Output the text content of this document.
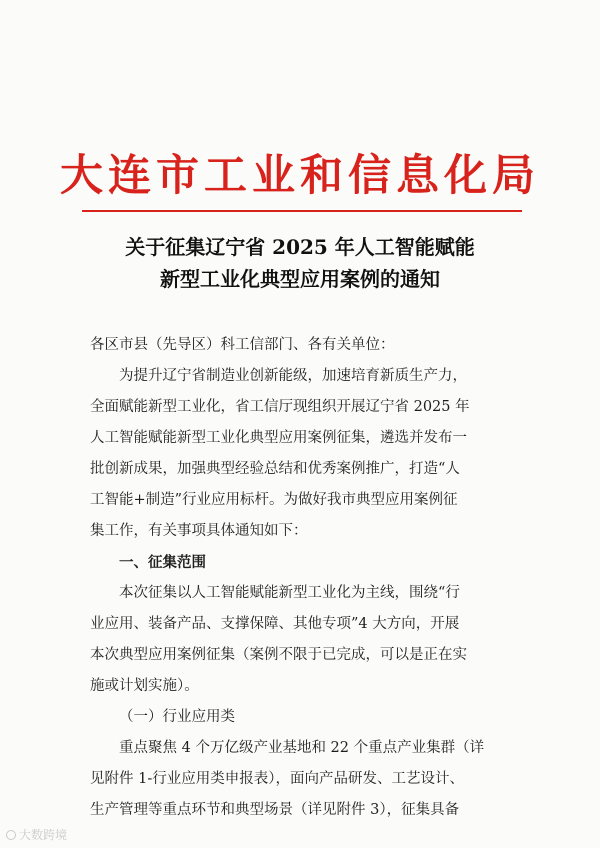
大连市工业和信息化局
关于征集辽宁省 2025 年人工智能赋能
新型工业化典型应用案例的通知

各区市县（先导区）科工信部门、各有关单位：

为提升辽宁省制造业创新能级，加速培育新质生产力，

全面赋能新型工业化，省工信厅现组织开展辽宁省 2025 年

人工智能赋能新型工业化典型应用案例征集，遴选并发布一

批创新成果，加强典型经验总结和优秀案例推广，打造“人

工智能+制造”行业应用标杆。为做好我市典型应用案例征

集工作，有关事项具体通知如下：

一、征集范围

本次征集以人工智能赋能新型工业化为主线，围绕“行

业应用、装备产品、支撑保障、其他专项”4 大方向，开展

本次典型应用案例征集（案例不限于已完成，可以是正在实

施或计划实施）。

（一）行业应用类

重点聚焦 4 个万亿级产业基地和 22 个重点产业集群（详

见附件 1-行业应用类申报表），面向产品研发、工艺设计、

生产管理等重点环节和典型场景（详见附件 3），征集具备

大数跨境
